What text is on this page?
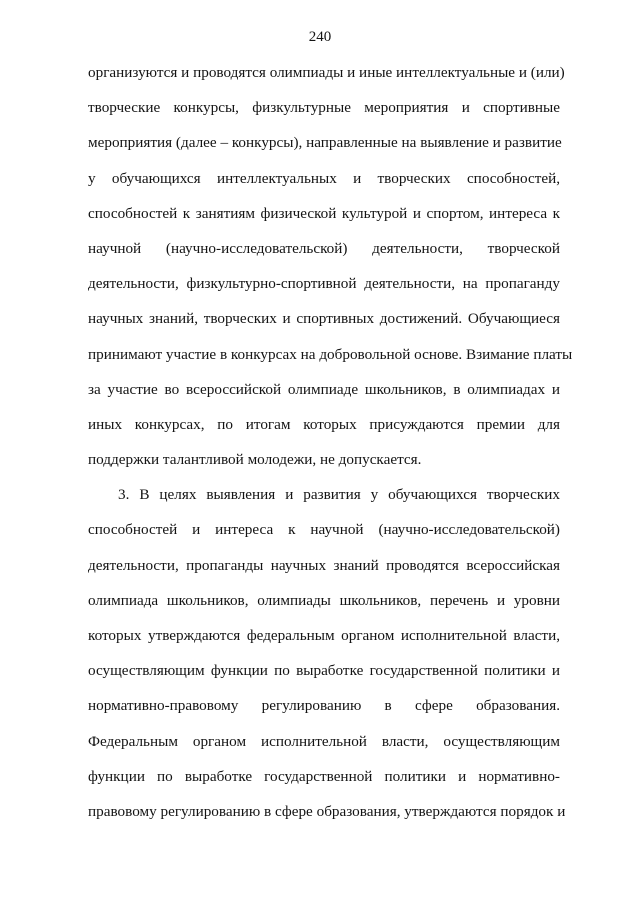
240
организуются и проводятся олимпиады и иные интеллектуальные и (или)
творческие конкурсы, физкультурные мероприятия и спортивные
мероприятия (далее – конкурсы), направленные на выявление и развитие
у обучающихся интеллектуальных и творческих способностей,
способностей к занятиям физической культурой и спортом, интереса к
научной (научно-исследовательской) деятельности, творческой
деятельности, физкультурно-спортивной деятельности, на пропаганду
научных знаний, творческих и спортивных достижений. Обучающиеся
принимают участие в конкурсах на добровольной основе. Взимание платы
за участие во всероссийской олимпиаде школьников, в олимпиадах и
иных конкурсах, по итогам которых присуждаются премии для
поддержки талантливой молодежи, не допускается.
3. В целях выявления и развития у обучающихся творческих
способностей и интереса к научной (научно-исследовательской)
деятельности, пропаганды научных знаний проводятся всероссийская
олимпиада школьников, олимпиады школьников, перечень и уровни
которых утверждаются федеральным органом исполнительной власти,
осуществляющим функции по выработке государственной политики и
нормативно-правовому регулированию в сфере образования.
Федеральным органом исполнительной власти, осуществляющим
функции по выработке государственной политики и нормативно-
правовому регулированию в сфере образования, утверждаются порядок и
